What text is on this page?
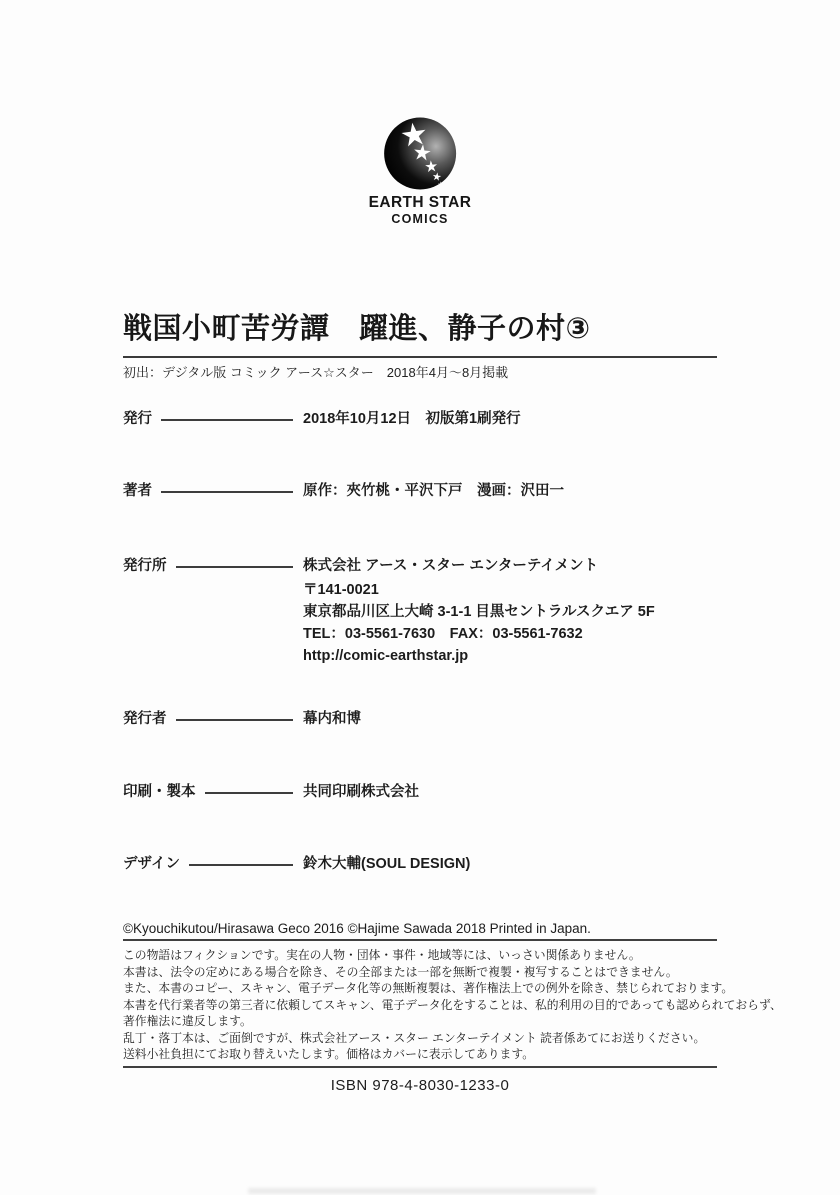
EARTH STAR
COMICS
戦国小町苦労譚　躍進、静子の村③
初出：デジタル版 コミック アース☆スター　2018年4月～8月掲載
発行	2018年10月12日　初版第1刷発行
著者	原作：夾竹桃・平沢下戸　漫画：沢田一
発行所	株式会社 アース・スター エンターテイメント
〒141-0021
東京都品川区上大崎 3-1-1 目黒セントラルスクエア 5F
TEL：03-5561-7630　FAX：03-5561-7632
http://comic-earthstar.jp
発行者	幕内和博
印刷・製本	共同印刷株式会社
デザイン	鈴木大輔(SOUL DESIGN)
©Kyouchikutou/Hirasawa Geco 2016 ©Hajime Sawada 2018 Printed in Japan.
この物語はフィクションです。実在の人物・団体・事件・地域等には、いっさい関係ありません。
本書は、法令の定めにある場合を除き、その全部または一部を無断で複製・複写することはできません。
また、本書のコピー、スキャン、電子データ化等の無断複製は、著作権法上での例外を除き、禁じられております。
本書を代行業者等の第三者に依頼してスキャン、電子データ化をすることは、私的利用の目的であっても認められておらず、
著作権法に違反します。
乱丁・落丁本は、ご面倒ですが、株式会社アース・スター エンターテイメント 読者係あてにお送りください。
送料小社負担にてお取り替えいたします。価格はカバーに表示してあります。
ISBN 978-4-8030-1233-0
